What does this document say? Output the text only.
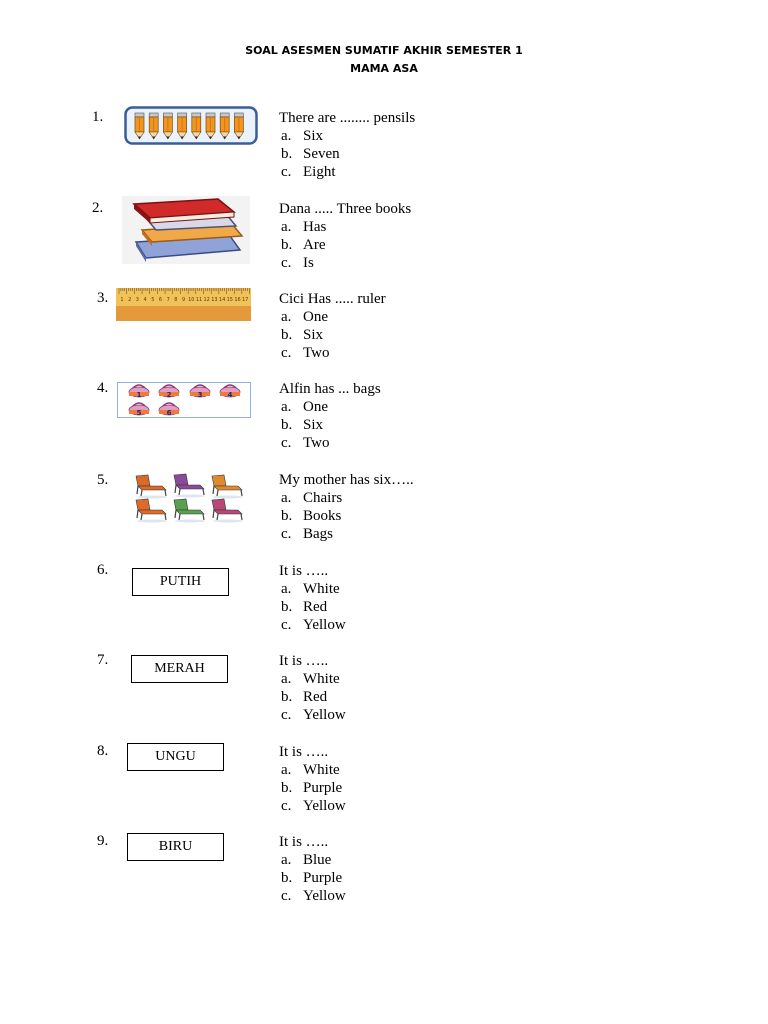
SOAL ASESMEN SUMATIF AKHIR SEMESTER 1
MAMA ASA
1.	There are ........ pensils
a. Six
b. Seven
c. Eight
2.	Dana ..... Three books
a. Has
b. Are
c. Is
3. 1 2 3 4 5 6 7 8 9 10 11 12 13 14 15 16 17 Cici Has ..... ruler
a. One
b. Six
c. Two
4.	1	2	3	4
5	6
Alfin has ... bags
a. One
b. Six
c. Two
5.	My mother has six…..
a. Chairs
b. Books
c. Bags
6.
PUTIH
It is …..
a. White
b. Red
c. Yellow
7.
MERAH	It is …..
a. White
b. Red
c. Yellow
8.	UNGU	It is …..
a. White
b. Purple
c. Yellow
9.	BIRU	It is …..
a. Blue
b. Purple
c. Yellow
